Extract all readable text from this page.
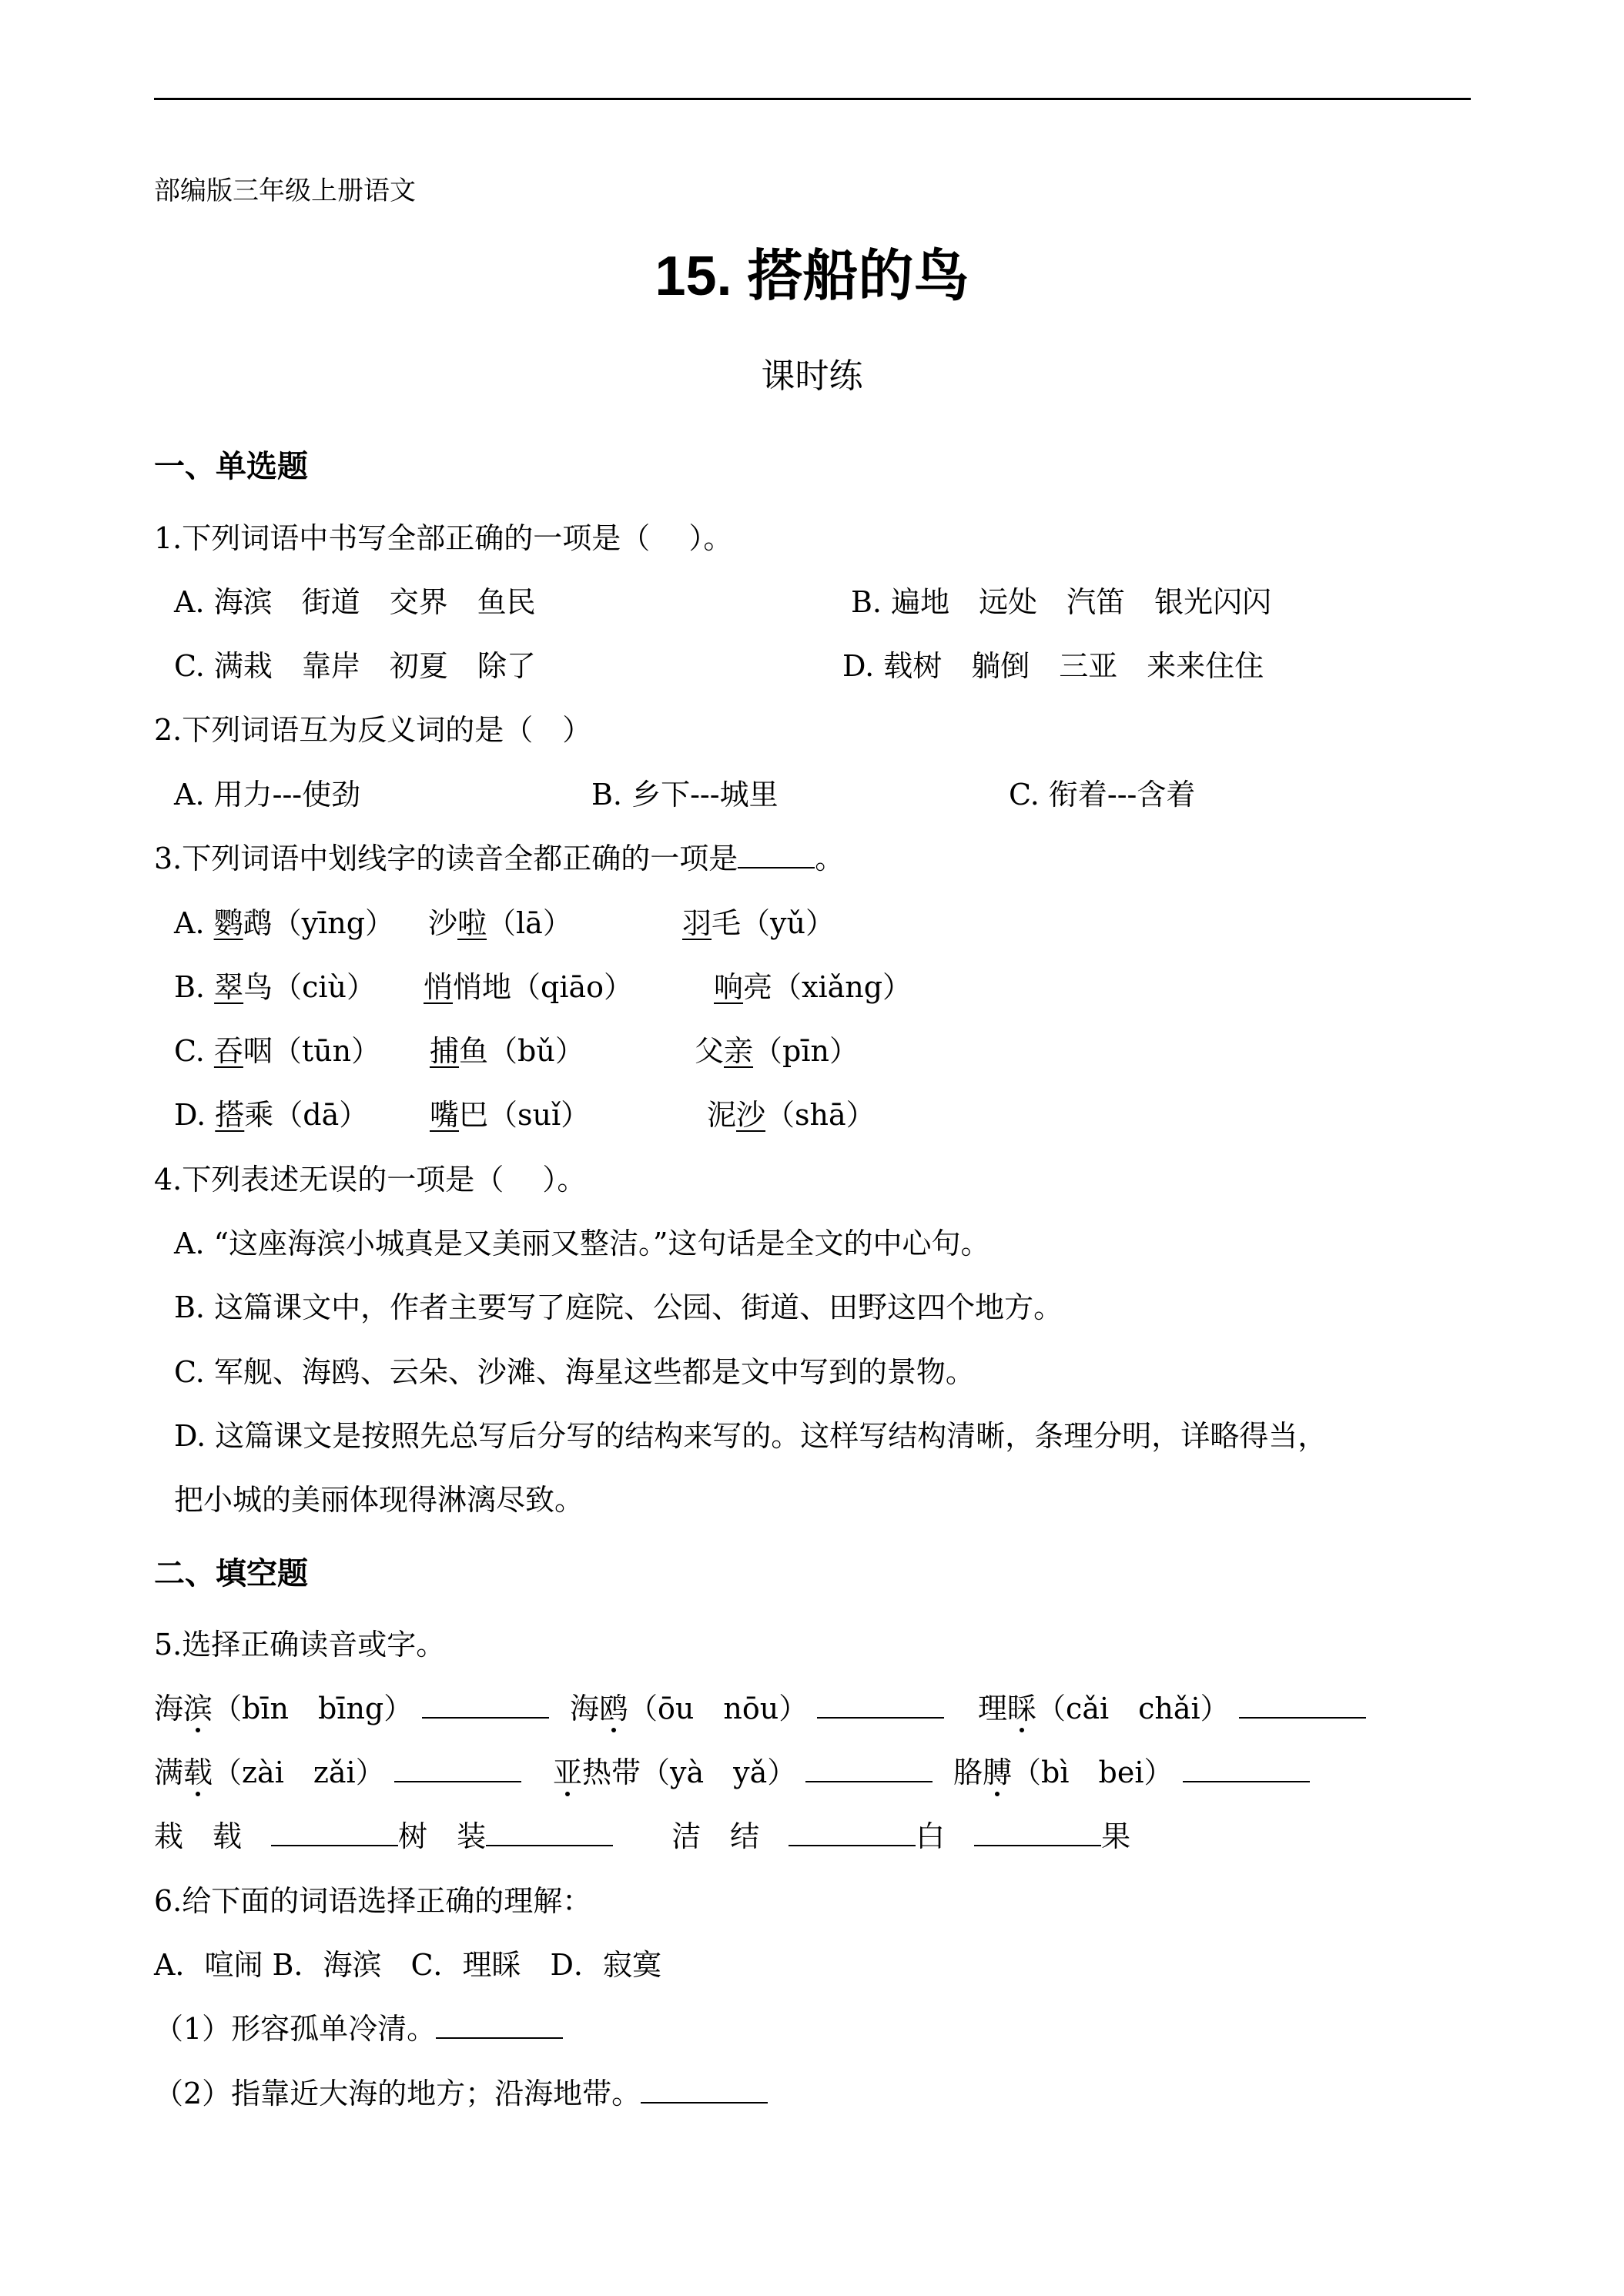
部编版三年级上册语文
15. 搭船的鸟
课时练
一、单选题
1.下列词语中书写全部正确的一项是（　 ）。
A. 海滨　街道　交界　鱼民	B. 遍地　远处　汽笛　银光闪闪
C. 满栽　靠岸　初夏　除了	D. 载树　躺倒　三亚　来来住住
2.下列词语互为反义词的是（　）
A. 用力---使劲	B. 乡下---城里	C. 衔着---含着
3.下列词语中划线字的读音全都正确的一项是	。
A. 鹦鹉（yīng） 沙啦（lā）	羽毛（yǔ）
B. 翠鸟（ciù） 悄悄地（qiāo）	响亮（xiǎng）
C. 吞咽（tūn） 捕鱼（bǔ）	父亲（pīn）
D. 搭乘（dā） 嘴巴（suǐ）	泥沙（shā）
4.下列表述无误的一项是（　 ）。
A. “这座海滨小城真是又美丽又整洁。”这句话是全文的中心句。
B. 这篇课文中，作者主要写了庭院、公园、街道、田野这四个地方。
C. 军舰、海鸥、云朵、沙滩、海星这些都是文中写到的景物。
D. 这篇课文是按照先总写后分写的结构来写的。这样写结构清晰，条理分明，详略得当，
把小城的美丽体现得淋漓尽致。
二、填空题
5.选择正确读音或字。
海滨（bīn　bīng）	海鸥（ōu　nōu）	理睬（cǎi　chǎi）
满载（zài　zǎi）	亚热带（yà　yǎ）	胳膊（bì　bei）
栽　载　	树　 装　　	洁　结　	白　	果
6.给下面的词语选择正确的理解：
A．喧闹 B．海滨　C．理睬　D．寂寞
（1）形容孤单冷清。
（2）指靠近大海的地方；沿海地带。
